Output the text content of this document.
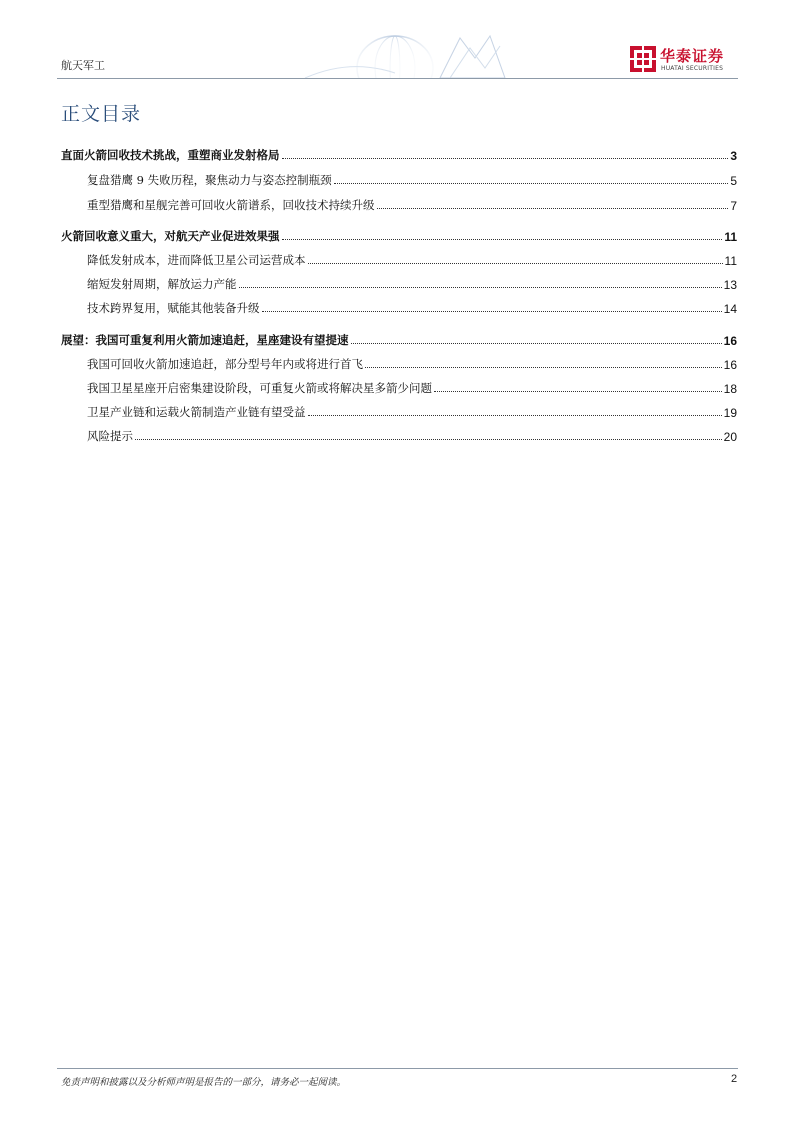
航天军工
华泰证券
HUATAI SECURITIES
正文目录
直面火箭回收技术挑战，重塑商业发射格局	3
复盘猎鹰 9 失败历程，聚焦动力与姿态控制瓶颈	5
重型猎鹰和星舰完善可回收火箭谱系，回收技术持续升级	7
火箭回收意义重大，对航天产业促进效果强	11
降低发射成本，进而降低卫星公司运营成本	11
缩短发射周期，解放运力产能	13
技术跨界复用，赋能其他装备升级	14
展望：我国可重复利用火箭加速追赶，星座建设有望提速	16
我国可回收火箭加速追赶，部分型号年内或将进行首飞	16
我国卫星星座开启密集建设阶段，可重复火箭或将解决星多箭少问题	18
卫星产业链和运载火箭制造产业链有望受益	19
风险提示	20
免责声明和披露以及分析师声明是报告的一部分，请务必一起阅读。	2
